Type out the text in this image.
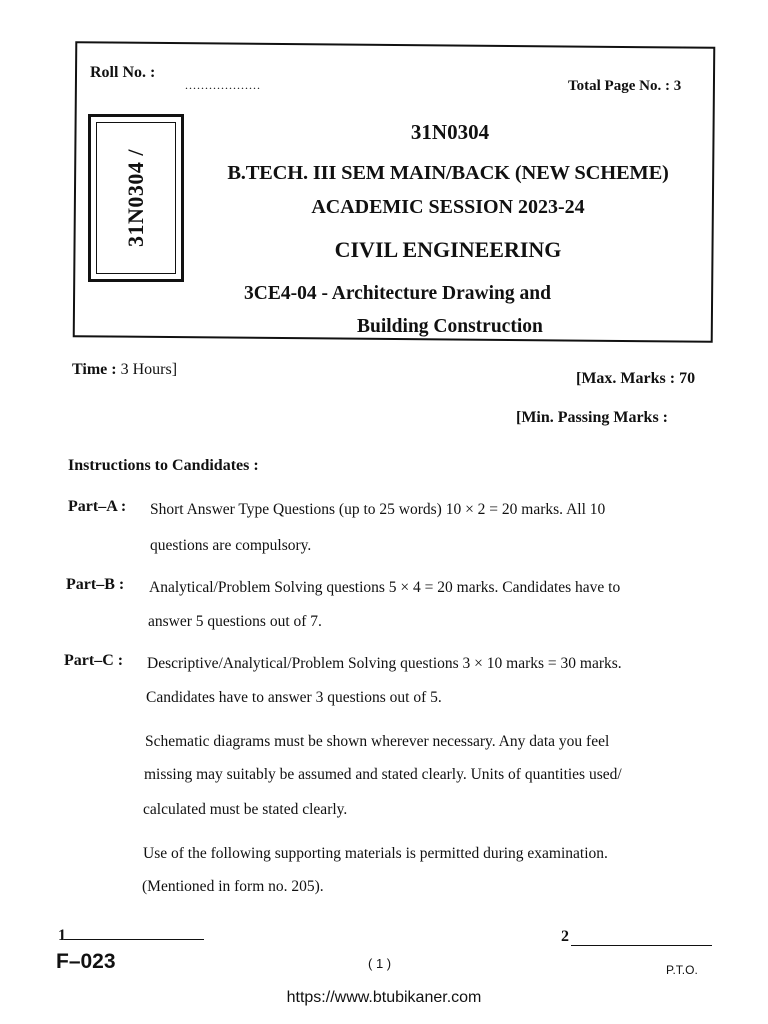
Roll No. :
...................	Total Page No. : 3
31N0304 /
31N0304
B.TECH. III SEM MAIN/BACK (NEW SCHEME)
ACADEMIC SESSION 2023-24
CIVIL ENGINEERING
3CE4-04 - Architecture Drawing and
Building Construction
Time : 3 Hours]
[Max. Marks : 70
[Min. Passing Marks :
Instructions to Candidates :
Part–A : Short Answer Type Questions (up to 25 words) 10 × 2 = 20 marks. All 10
questions are compulsory.
Part–B : Analytical/Problem Solving questions 5 × 4 = 20 marks. Candidates have to
answer 5 questions out of 7.
Part–C : Descriptive/Analytical/Problem Solving questions 3 × 10 marks = 30 marks.
Candidates have to answer 3 questions out of 5.
Schematic diagrams must be shown wherever necessary. Any data you feel
missing may suitably be assumed and stated clearly. Units of quantities used/
calculated must be stated clearly.
Use of the following supporting materials is permitted during examination.
(Mentioned in form no. 205).
1	2
F–023	( 1 )	P.T.O.
https://www.btubikaner.com
